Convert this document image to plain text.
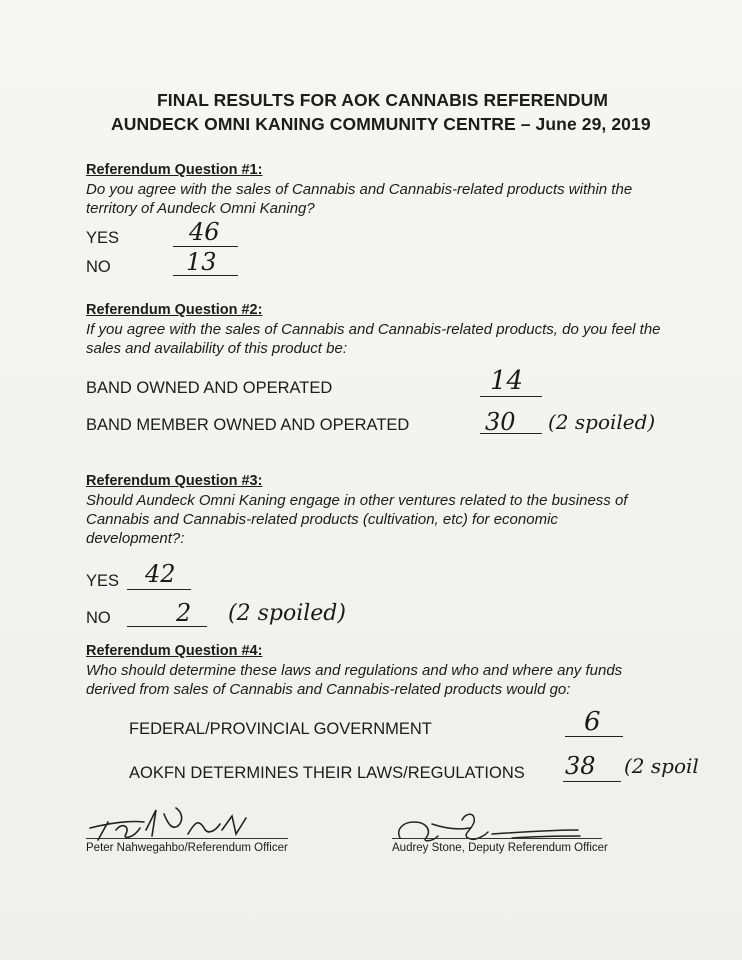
FINAL RESULTS FOR AOK CANNABIS REFERENDUM
AUNDECK OMNI KANING COMMUNITY CENTRE – June 29, 2019
Referendum Question #1:
Do you agree with the sales of Cannabis and Cannabis-related products within the territory of Aundeck Omni Kaning?
YES	46
NO	13
Referendum Question #2:
If you agree with the sales of Cannabis and Cannabis-related products, do you feel the sales and availability of this product be:
BAND OWNED AND OPERATED	14
BAND MEMBER OWNED AND OPERATED	30 (2 spoiled)
Referendum Question #3:
Should Aundeck Omni Kaning engage in other ventures related to the business of Cannabis and Cannabis-related products (cultivation, etc) for economic development?:
YES 42
NO	2 (2 spoiled)
Referendum Question #4:
Who should determine these laws and regulations and who and where any funds derived from sales of Cannabis and Cannabis-related products would go:
FEDERAL/PROVINCIAL GOVERNMENT	6
AOKFN DETERMINES THEIR LAWS/REGULATIONS 38 (2 spoil
Peter Nahwegahbo/Referendum Officer	Audrey Stone, Deputy Referendum Officer
